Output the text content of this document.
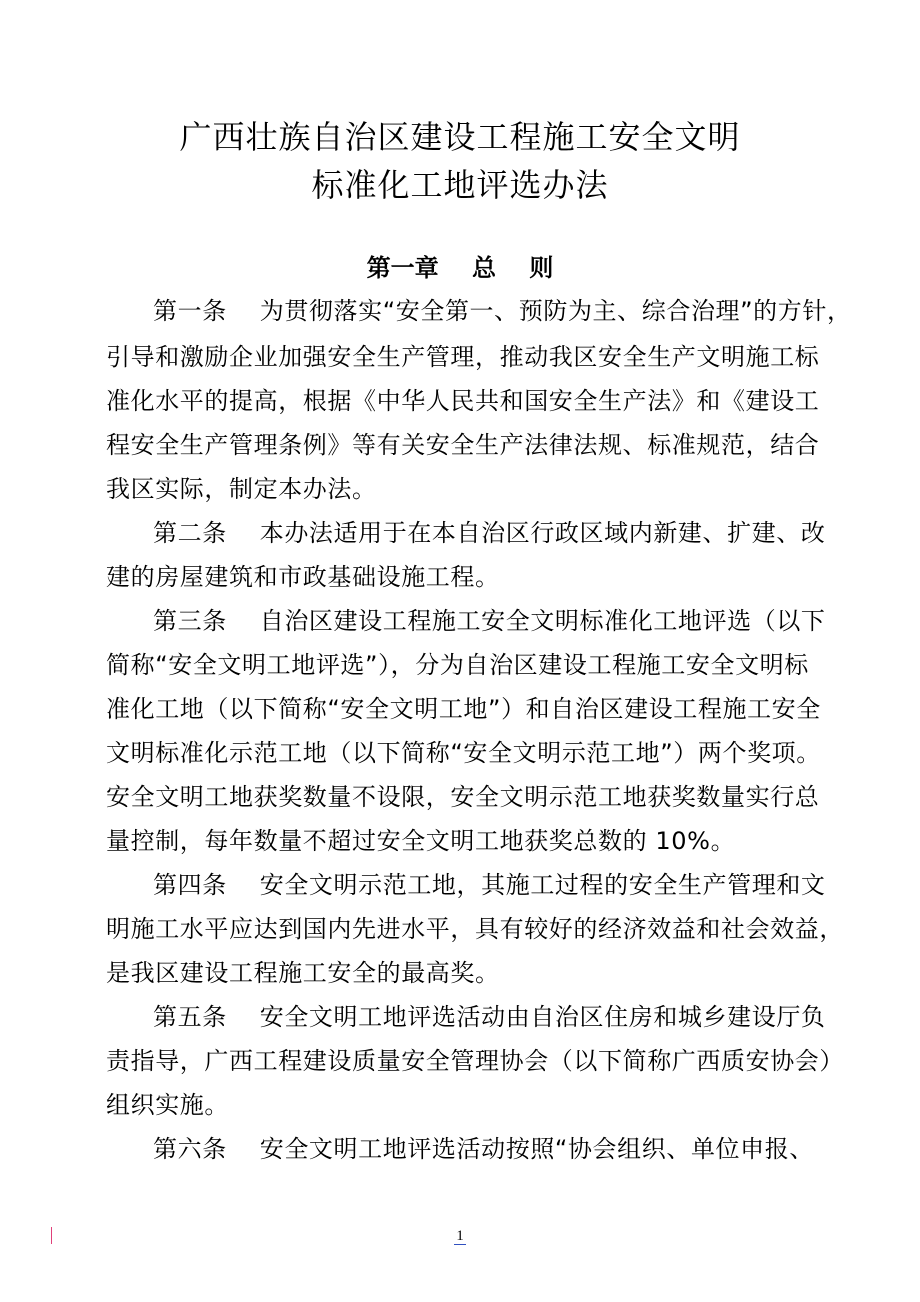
广西壮族自治区建设工程施工安全文明
标准化工地评选办法
第一章    总    则
第一条    为贯彻落实“安全第一、预防为主、综合治理”的方针，
引导和激励企业加强安全生产管理，推动我区安全生产文明施工标
准化水平的提高，根据《中华人民共和国安全生产法》和《建设工
程安全生产管理条例》等有关安全生产法律法规、标准规范，结合
我区实际，制定本办法。
第二条    本办法适用于在本自治区行政区域内新建、扩建、改
建的房屋建筑和市政基础设施工程。
第三条    自治区建设工程施工安全文明标准化工地评选（以下
简称“安全文明工地评选”），分为自治区建设工程施工安全文明标
准化工地（以下简称“安全文明工地”）和自治区建设工程施工安全
文明标准化示范工地（以下简称“安全文明示范工地”）两个奖项。
安全文明工地获奖数量不设限，安全文明示范工地获奖数量实行总
量控制，每年数量不超过安全文明工地获奖总数的 10%。
第四条    安全文明示范工地，其施工过程的安全生产管理和文
明施工水平应达到国内先进水平，具有较好的经济效益和社会效益，
是我区建设工程施工安全的最高奖。
第五条    安全文明工地评选活动由自治区住房和城乡建设厅负
责指导，广西工程建设质量安全管理协会（以下简称广西质安协会）
组织实施。
第六条    安全文明工地评选活动按照“协会组织、单位申报、
1
